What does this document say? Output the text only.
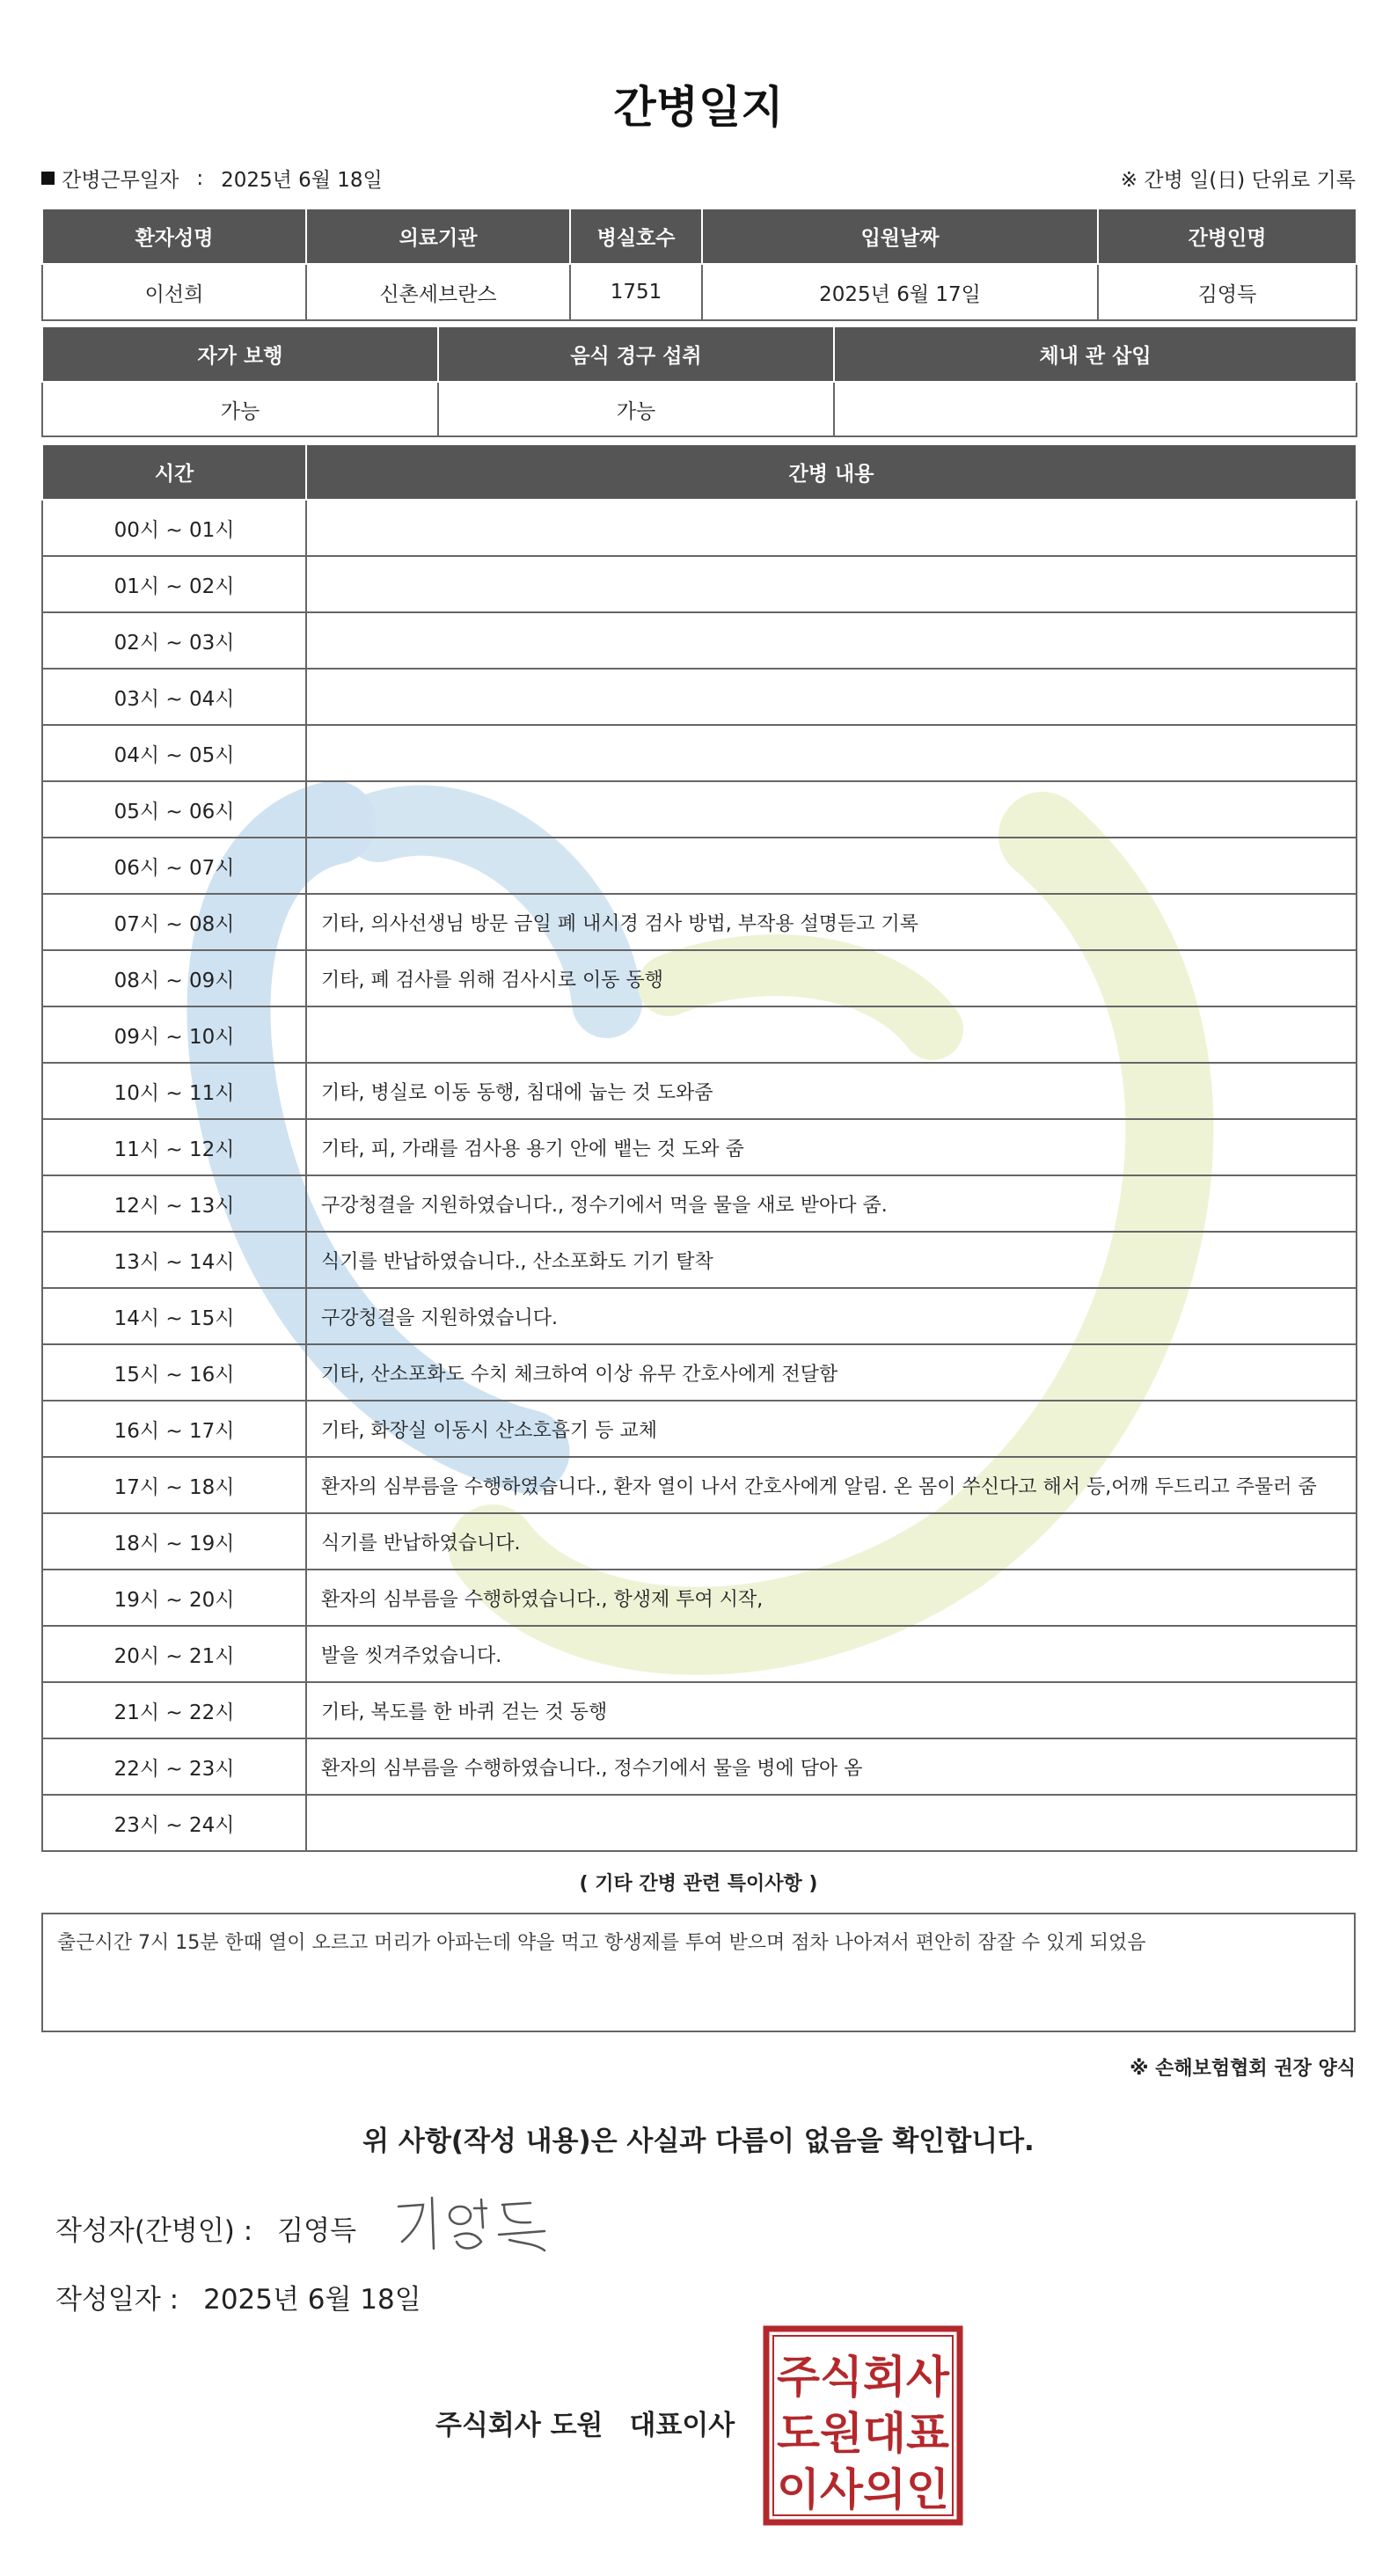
간병일지
간병근무일자 : 2025년 6월 18일	※ 간병 일(日) 단위로 기록
환자성명	의료기관	병실호수	입원날짜	간병인명
이선희	신촌세브란스	1751	2025년 6월 17일	김영득
자가 보행	음식 경구 섭취	체내 관 삽입
가능	가능	
시간	간병 내용
00시 ~ 01시	
01시 ~ 02시	
02시 ~ 03시	
03시 ~ 04시	
04시 ~ 05시	
05시 ~ 06시	
06시 ~ 07시	
07시 ~ 08시	기타, 의사선생님 방문 금일 폐 내시경 검사 방법, 부작용 설명듣고 기록
08시 ~ 09시	기타, 폐 검사를 위해 검사시로 이동 동행
09시 ~ 10시	
10시 ~ 11시	기타, 병실로 이동 동행, 침대에 눕는 것 도와줌
11시 ~ 12시	기타, 피, 가래를 검사용 용기 안에 뱉는 것 도와 줌
12시 ~ 13시	구강청결을 지원하였습니다., 정수기에서 먹을 물을 새로 받아다 줌.
13시 ~ 14시	식기를 반납하였습니다., 산소포화도 기기 탈착
14시 ~ 15시	구강청결을 지원하였습니다.
15시 ~ 16시	기타, 산소포화도 수치 체크하여 이상 유무 간호사에게 전달함
16시 ~ 17시	기타, 화장실 이동시 산소호흡기 등 교체
17시 ~ 18시	환자의 심부름을 수행하였습니다., 환자 열이 나서 간호사에게 알림. 온 몸이 쑤신다고 해서 등,어깨 두드리고 주물러 줌
18시 ~ 19시	식기를 반납하였습니다.
19시 ~ 20시	환자의 심부름을 수행하였습니다., 항생제 투여 시작,
20시 ~ 21시	발을 씻겨주었습니다.
21시 ~ 22시	기타, 복도를 한 바퀴 걷는 것 동행
22시 ~ 23시	환자의 심부름을 수행하였습니다., 정수기에서 물을 병에 담아 옴
23시 ~ 24시	
( 기타 간병 관련 특이사항 )
출근시간 7시 15분 한때 열이 오르고 머리가 아파는데 약을 먹고 항생제를 투여 받으며 점차 나아져서 편안히 잠잘 수 있게 되었음
※ 손해보험협회 권장 양식
위 사항(작성 내용)은 사실과 다름이 없음을 확인합니다.
작성자(간병인) : 김영득
작성일자 : 2025년 6월 18일
주식회사 도원 대표이사
주식회사
도원대표
이사의인
